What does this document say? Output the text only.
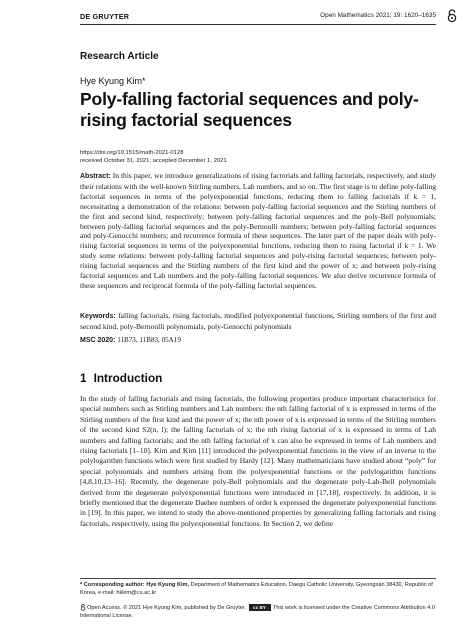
DE GRUYTER	Open Mathematics 2021; 19: 1620–1635
Research Article
Hye Kyung Kim*
Poly-falling factorial sequences and poly-rising factorial sequences
https://doi.org/10.1515/math-2021-0128
received October 31, 2021; accepted December 1, 2021
Abstract: In this paper, we introduce generalizations of rising factorials and falling factorials, respectively, and study their relations with the well-known Stirling numbers, Lah numbers, and so on. The first stage is to define poly-falling factorial sequences in terms of the polyexponential functions, reducing them to falling factorials if k = 1, necessitating a demonstration of the relations: between poly-falling factorial sequences and the Stirling numbers of the first and second kind, respectively; between poly-falling factorial sequences and the poly-Bell polynomials; between poly-falling factorial sequences and the poly-Bernoulli numbers; between poly-falling factorial sequences and poly-Genocchi numbers; and recurrence formula of these sequences. The later part of the paper deals with poly-rising factorial sequences in terms of the polyexponential functions, reducing them to rising factorial if k = 1. We study some relations: between poly-falling factorial sequences and poly-rising factorial sequences; between poly-rising factorial sequences and the Stirling numbers of the first kind and the power of x; and between poly-rising factorial sequences and Lah numbers and the poly-falling factorial sequences. We also derive recurrence formula of these sequences and reciprocal formula of the poly-falling factorial sequences.
Keywords: falling factorials, rising factorials, modified polyexponential functions, Stirling numbers of the first and second kind, poly-Bernoulli polynomials, poly-Genocchi polynomials
MSC 2020: 11B73, 11B83, 05A19
1 Introduction
In the study of falling factorials and rising factorials, the following properties produce important characteristics for special numbers such as Stirling numbers and Lah numbers: the nth falling factorial of x is expressed in terms of the Stirling numbers of the first kind and the power of x; the nth power of x is expressed in terms of the Stirling numbers of the second kind S2(n, l); the falling factorials of x; the nth rising factorial of x is expressed in terms of Lah numbers and falling factorials; and the nth falling factorial of x can also be expressed in terms of Lah numbers and rising factorials [1–10]. Kim and Kim [11] introduced the polyexponential functions in the view of an inverse to the polylogarithm functions which were first studied by Hardy [12]. Many mathematicians have studied about “poly” for special polynomials and numbers arising from the polyexponential functions or the polylogarithm functions [4,8,10,13–16]. Recently, the degenerate poly-Bell polynomials and the degenerate poly-Lah-Bell polynomials derived from the degenerate polyexponential functions were introduced in [17,18], respectively. In addition, it is briefly mentioned that the degenerate Daehee numbers of order k expressed the degenerate polyexponential functions in [19]. In this paper, we intend to study the above-mentioned properties by generalizing falling factorials and rising factorials, respectively, using the polyexponential functions. In Section 2, we define
* Corresponding author: Hye Kyung Kim, Department of Mathematics Education, Daegu Catholic University, Gyeongsan 38430, Republic of Korea, e-mail: hkkim@cu.ac.kr
Open Access. © 2021 Hye Kyung Kim, published by De Gruyter. cc BY This work is licensed under the Creative Commons Attribution 4.0 International License.
